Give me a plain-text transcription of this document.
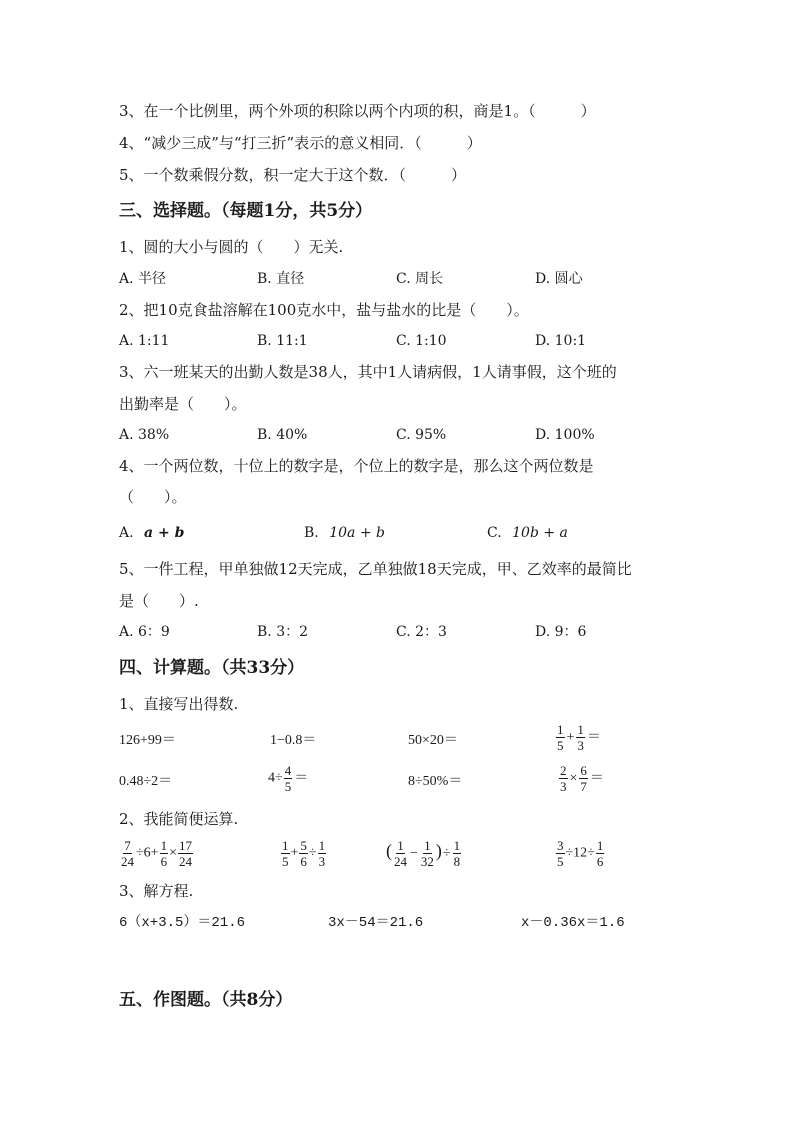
3、在一个比例里，两个外项的积除以两个内项的积，商是1。（　　　）
4、“减少三成”与“打三折”表示的意义相同．（　　　）
5、一个数乘假分数，积一定大于这个数．（　　　）
三、选择题。（每题1分，共5分）
1、圆的大小与圆的（　　）无关.
A. 半径	B. 直径	C. 周长	D. 圆心
2、把10克食盐溶解在100克水中，盐与盐水的比是（　　）。
A. 1:11	B. 11:1	C. 1:10	D. 10:1
3、六一班某天的出勤人数是38人，其中1人请病假，1人请事假，这个班的
出勤率是（　　）。
A. 38%	B. 40%	C. 95%	D. 100%
4、一个两位数，十位上的数字是，个位上的数字是，那么这个两位数是
（　　）。
A. a + b	B. 10a + b	C. 10b + a
5、一件工程，甲单独做12天完成，乙单独做18天完成，甲、乙效率的最简比
是（　　）.
A. 6：9	B. 3：2	C. 2：3	D. 9：6
四、计算题。（共33分）
1、直接写出得数.
126+99＝	1−0.8＝	50×20＝	$\frac{1}{5} + \frac{1}{3}$ ＝
0.48÷2＝	$4\div \frac{4}{5}$ ＝	8÷50%＝	$\frac{2}{3} \times \frac{6}{7}$ ＝
2、我能简便运算.
$\frac{7}{24} \div 6+ \frac{1}{6} \times \frac{17}{24}$	$\frac{1}{5} + \frac{5}{6} \div \frac{1}{3}$	( $\frac{1}{24} - \frac{1}{32}$ )÷ $\frac{1}{8}$	$\frac{3}{5} \div 12\div \frac{1}{6}$
3、解方程.
6（x+3.5）＝21.6	3x－54＝21.6	x－0.36x＝1.6
五、作图题。（共8分）
